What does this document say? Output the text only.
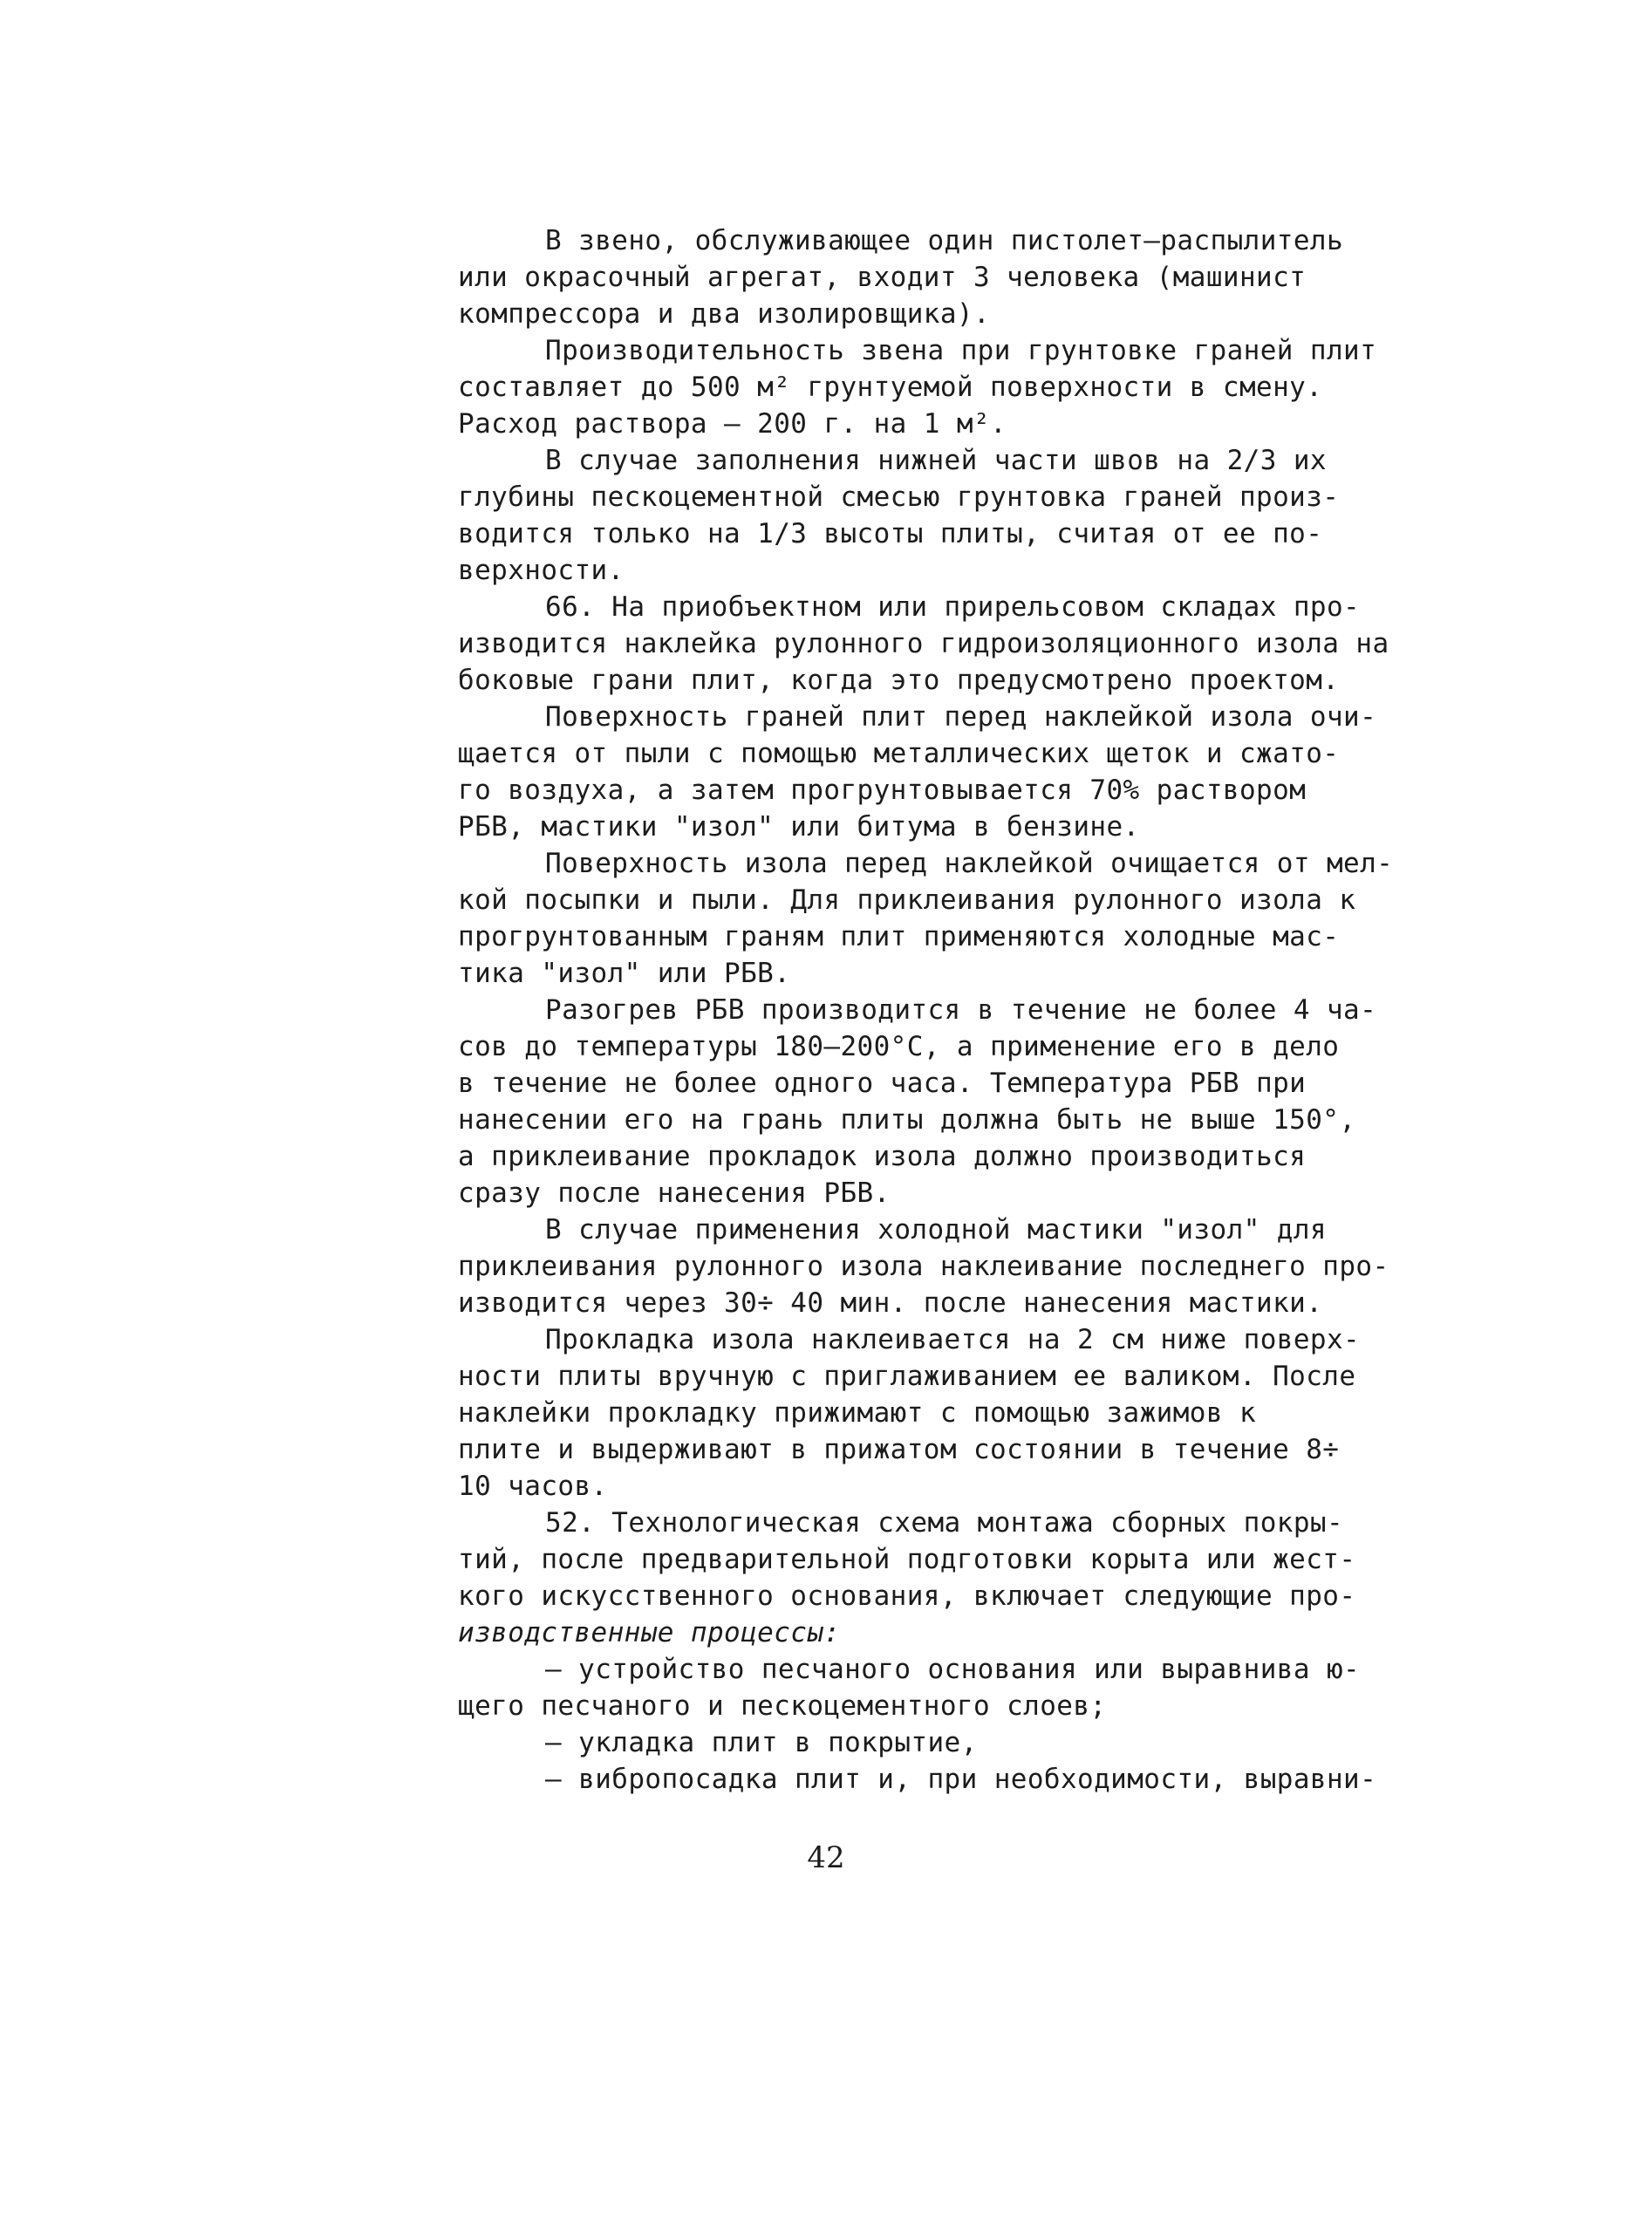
В звено, обслуживающее один пистолет–распылитель
или окрасочный агрегат, входит 3 человека (машинист
компрессора и два изолировщика).
Производительность звена при грунтовке граней плит
составляет до 500 м² грунтуемой поверхности в смену.
Расход раствора – 200 г. на 1 м².
В случае заполнения нижней части швов на 2/3 их
глубины пескоцементной смесью грунтовка граней произ-
водится только на 1/3 высоты плиты, считая от ее по-
верхности.
66. На приобъектном или прирельсовом складах про-
изводится наклейка рулонного гидроизоляционного изола на
боковые грани плит, когда это предусмотрено проектом.
Поверхность граней плит перед наклейкой изола очи-
щается от пыли с помощью металлических щеток и сжато-
го воздуха, а затем прогрунтовывается 70% раствором
РБВ, мастики "изол" или битума в бензине.
Поверхность изола перед наклейкой очищается от мел-
кой посыпки и пыли. Для приклеивания рулонного изола к
прогрунтованным граням плит применяются холодные мас-
тика "изол" или РБВ.
Разогрев РБВ производится в течение не более 4 ча-
сов до температуры 180–200°С, а применение его в дело
в течение не более одного часа. Температура РБВ при
нанесении его на грань плиты должна быть не выше 150°,
а приклеивание прокладок изола должно производиться
сразу после нанесения РБВ.
В случае применения холодной мастики "изол" для
приклеивания рулонного изола наклеивание последнего про-
изводится через 30÷ 40 мин. после нанесения мастики.
Прокладка изола наклеивается на 2 см ниже поверх-
ности плиты вручную с приглаживанием ее валиком. После
наклейки прокладку прижимают с помощью зажимов к
плите и выдерживают в прижатом состоянии в течение 8÷
10 часов.
52. Технологическая схема монтажа сборных покры-
тий, после предварительной подготовки корыта или жест-
кого искусственного основания, включает следующие про-
изводственные процессы:
– устройство песчаного основания или выравнива ю-
щего песчаного и пескоцементного слоев;
– укладка плит в покрытие,
– вибропосадка плит и, при необходимости, выравни-
42
